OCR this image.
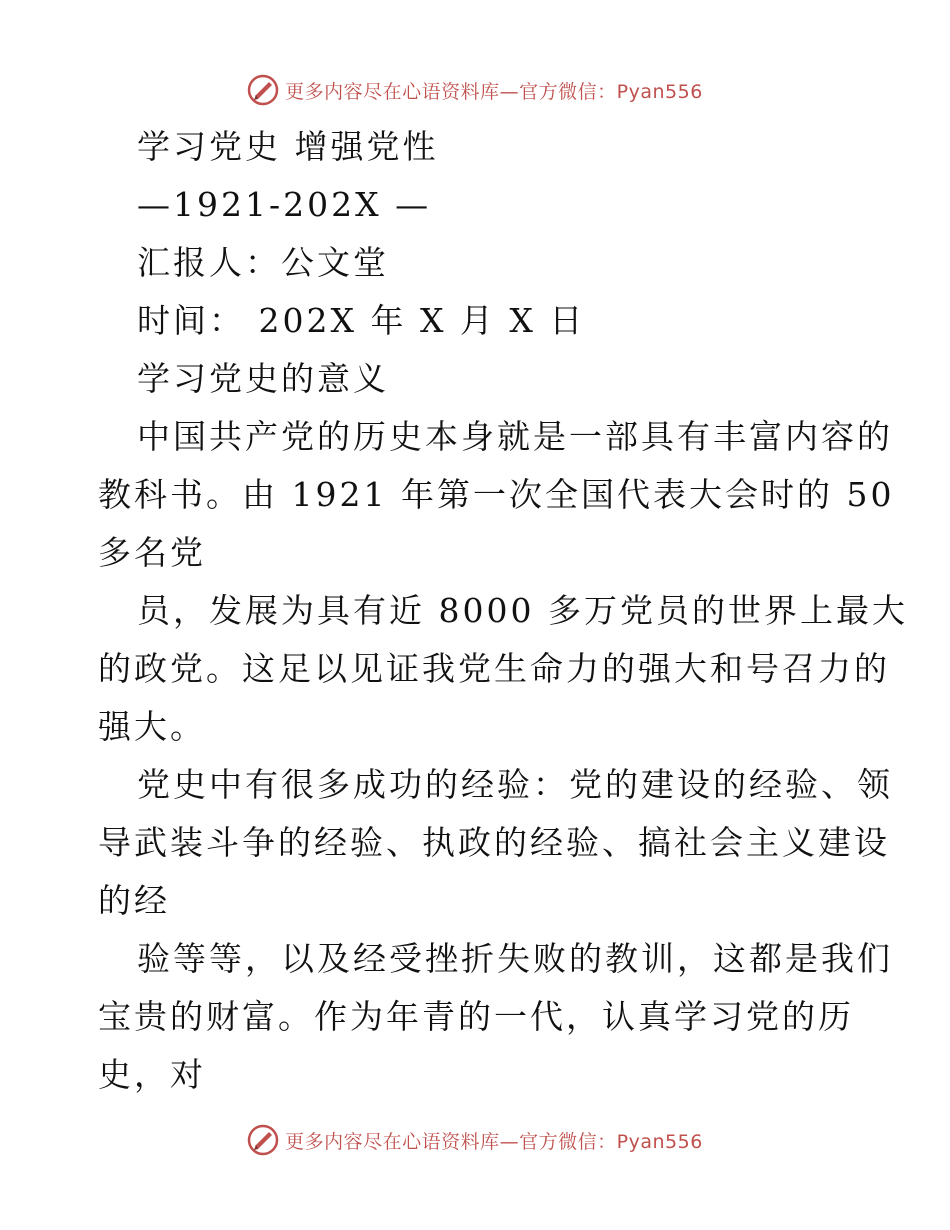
更多内容尽在心语资料库—官方微信：Pyan556
学习党史 增强党性
—1921-202X —
汇报人：公文堂
时间： 202X 年 X 月 X 日
学习党史的意义
中国共产党的历史本身就是一部具有丰富内容的
教科书。由 1921 年第一次全国代表大会时的 50
多名党
员，发展为具有近 8000 多万党员的世界上最大
的政党。这足以见证我党生命力的强大和号召力的
强大。
党史中有很多成功的经验：党的建设的经验、领
导武装斗争的经验、执政的经验、搞社会主义建设
的经
验等等，以及经受挫折失败的教训，这都是我们
宝贵的财富。作为年青的一代，认真学习党的历
史，对
更多内容尽在心语资料库—官方微信：Pyan556
